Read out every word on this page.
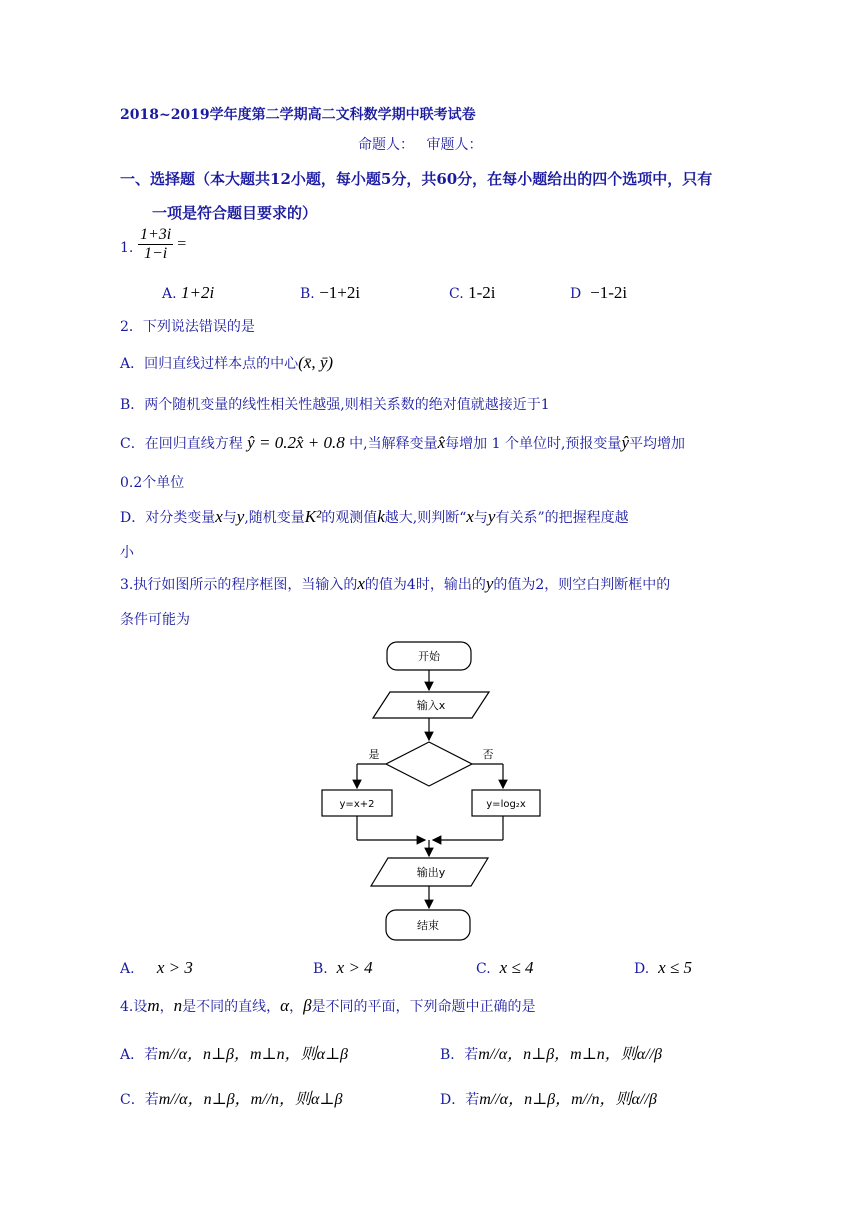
2018~2019学年度第二学期高二文科数学期中联考试卷
命题人： 审题人：
一、选择题（本大题共12小题，每小题5分，共60分，在每小题给出的四个选项中，只有
一项是符合题目要求的）
1. $\frac{1+3i}{1-i}$ =
A. 1+2i	B. −1+2i	C. 1-2i	D −1-2i
2．下列说法错误的是
A．回归直线过样本点的中心(x̄, ȳ)
B．两个随机变量的线性相关性越强,则相关系数的绝对值就越接近于1
C．在回归直线方程 ŷ = 0.2x̂ + 0.8 中,当解释变量x̂每增加 1 个单位时,预报变量ŷ平均增加
0.2个单位
D．对分类变量x与y,随机变量K²的观测值k越大,则判断“x与y有关系”的把握程度越
小
3.执行如图所示的程序框图，当输入的x的值为4时，输出的y的值为2，则空白判断框中的
条件可能为
开始
输入x
是	否
y=x+2	y=log₂x
输出y
结束
A. x > 3	B. x > 4	C. x ≤ 4	D. x ≤ 5
4.设m，n是不同的直线，α，β是不同的平面，下列命题中正确的是
A．若m//α，n⊥β，m⊥n，则α⊥β	B．若m//α，n⊥β，m⊥n，则α//β
C．若m//α，n⊥β，m//n，则α⊥β	D．若m//α，n⊥β，m//n，则α//β
